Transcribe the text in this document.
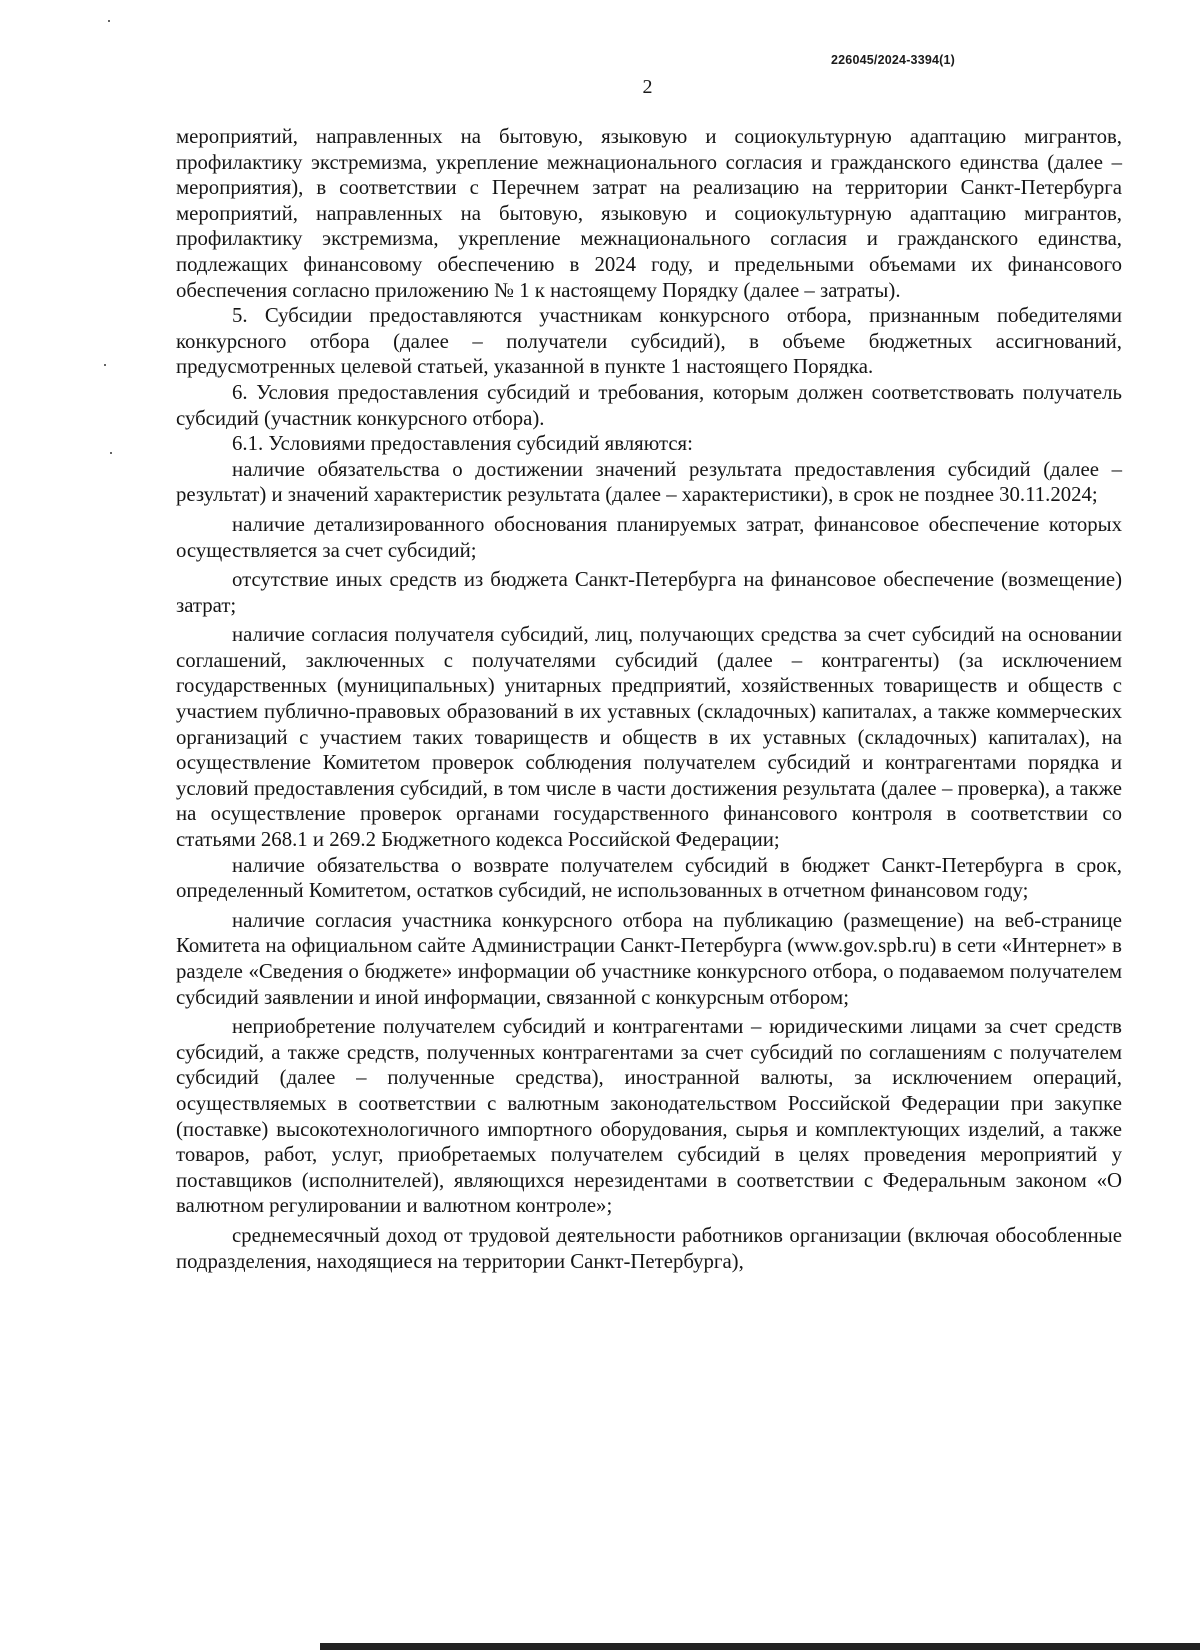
226045/2024-3394(1)
2

мероприятий, направленных на бытовую, языковую и социокультурную адаптацию мигрантов, профилактику экстремизма, укрепление межнационального согласия и гражданского единства (далее – мероприятия), в соответствии с Перечнем затрат на реализацию на территории Санкт-Петербурга мероприятий, направленных на бытовую, языковую и социокультурную адаптацию мигрантов, профилактику экстремизма, укрепление межнационального согласия и гражданского единства, подлежащих финансовому обеспечению в 2024 году, и предельными объемами их финансового обеспечения согласно приложению № 1 к настоящему Порядку (далее – затраты).

5. Субсидии предоставляются участникам конкурсного отбора, признанным победителями конкурсного отбора (далее – получатели субсидий), в объеме бюджетных ассигнований, предусмотренных целевой статьей, указанной в пункте 1 настоящего Порядка.

6. Условия предоставления субсидий и требования, которым должен соответствовать получатель субсидий (участник конкурсного отбора).

6.1. Условиями предоставления субсидий являются:

наличие обязательства о достижении значений результата предоставления субсидий (далее – результат) и значений характеристик результата (далее – характеристики), в срок не позднее 30.11.2024;

наличие детализированного обоснования планируемых затрат, финансовое обеспечение которых осуществляется за счет субсидий;

отсутствие иных средств из бюджета Санкт-Петербурга на финансовое обеспечение (возмещение) затрат;

наличие согласия получателя субсидий, лиц, получающих средства за счет субсидий на основании соглашений, заключенных с получателями субсидий (далее – контрагенты) (за исключением государственных (муниципальных) унитарных предприятий, хозяйственных товариществ и обществ с участием публично-правовых образований в их уставных (складочных) капиталах, а также коммерческих организаций с участием таких товариществ и обществ в их уставных (складочных) капиталах), на осуществление Комитетом проверок соблюдения получателем субсидий и контрагентами порядка и условий предоставления субсидий, в том числе в части достижения результата (далее – проверка), а также на осуществление проверок органами государственного финансового контроля в соответствии со статьями 268.1 и 269.2 Бюджетного кодекса Российской Федерации;

наличие обязательства о возврате получателем субсидий в бюджет Санкт-Петербурга в срок, определенный Комитетом, остатков субсидий, не использованных в отчетном финансовом году;

наличие согласия участника конкурсного отбора на публикацию (размещение) на веб-странице Комитета на официальном сайте Администрации Санкт-Петербурга (www.gov.spb.ru) в сети «Интернет» в разделе «Сведения о бюджете» информации об участнике конкурсного отбора, о подаваемом получателем субсидий заявлении и иной информации, связанной с конкурсным отбором;

неприобретение получателем субсидий и контрагентами – юридическими лицами за счет средств субсидий, а также средств, полученных контрагентами за счет субсидий по соглашениям с получателем субсидий (далее – полученные средства), иностранной валюты, за исключением операций, осуществляемых в соответствии с валютным законодательством Российской Федерации при закупке (поставке) высокотехнологичного импортного оборудования, сырья и комплектующих изделий, а также товаров, работ, услуг, приобретаемых получателем субсидий в целях проведения мероприятий у поставщиков (исполнителей), являющихся нерезидентами в соответствии с Федеральным законом «О валютном регулировании и валютном контроле»;

среднемесячный доход от трудовой деятельности работников организации (включая обособленные подразделения, находящиеся на территории Санкт-Петербурга),
